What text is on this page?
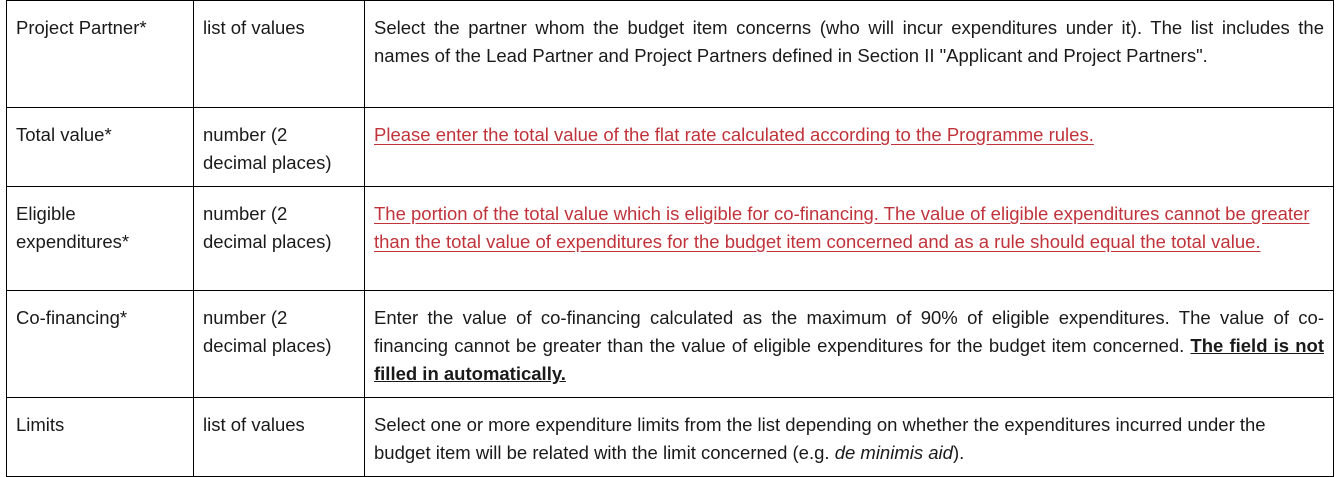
Project Partner*	list of values	Select the partner whom the budget item concerns (who will incur expenditures under it). The list includes the names of the Lead Partner and Project Partners defined in Section II "Applicant and Project Partners".
Total value*	number (2 decimal places)	Please enter the total value of the flat rate calculated according to the Programme rules.
Eligible expenditures*	number (2 decimal places)	The portion of the total value which is eligible for co-financing. The value of eligible expenditures cannot be greater than the total value of expenditures for the budget item concerned and as a rule should equal the total value.
Co-financing*	number (2 decimal places)	Enter the value of co-financing calculated as the maximum of 90% of eligible expenditures. The value of co-financing cannot be greater than the value of eligible expenditures for the budget item concerned. The field is not filled in automatically.
Limits	list of values	Select one or more expenditure limits from the list depending on whether the expenditures incurred under the budget item will be related with the limit concerned (e.g. de minimis aid).
